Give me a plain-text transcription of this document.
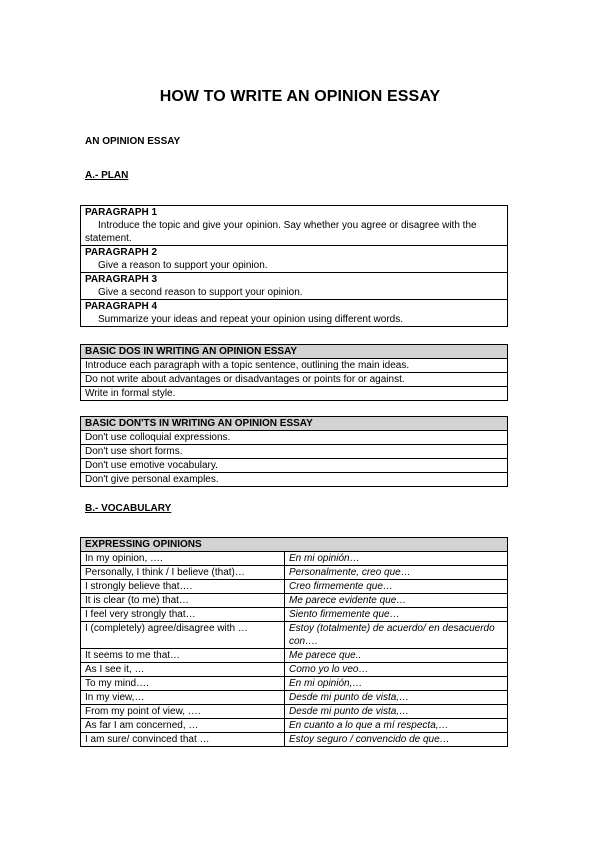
HOW TO WRITE AN OPINION ESSAY
AN OPINION ESSAY
A.- PLAN
PARAGRAPH 1
Introduce the topic and give your opinion. Say whether you agree or disagree with the statement.

PARAGRAPH 2
Give a reason to support your opinion.

PARAGRAPH 3
Give a second reason to support your opinion.

PARAGRAPH 4
Summarize your ideas and repeat your opinion using different words.
BASIC DOS IN WRITING AN OPINION ESSAY
Introduce each paragraph with a topic sentence, outlining the main ideas.
Do not write about advantages or disadvantages or points for or against.
Write in formal style.
BASIC DON'TS IN WRITING AN OPINION ESSAY
Don't use colloquial expressions.
Don't use short forms.
Don't use emotive vocabulary.
Don't give personal examples.
B.- VOCABULARY
EXPRESSING OPINIONS	
In my opinion, ….	En mi opinión…
Personally, I think / I believe (that)…	Personalmente, creo que…
I strongly believe that….	Creo firmemente que…
It is clear (to me) that…	Me parece evidente que…
I feel very strongly that…	Siento firmemente que…
I (completely) agree/disagree with …	Estoy (totalmente) de acuerdo/ en desacuerdo con….
It seems to me that…	Me parece que..
As I see it, …	Como yo lo veo…
To my mind….	En mi opinión,…
In my view,…	Desde mi punto de vista,…
From my point of view, ….	Desde mi punto de vista,…
As far I am concerned, …	En cuanto a lo que a mí respecta,…
I am sure/ convinced that …	Estoy seguro / convencido de que…
